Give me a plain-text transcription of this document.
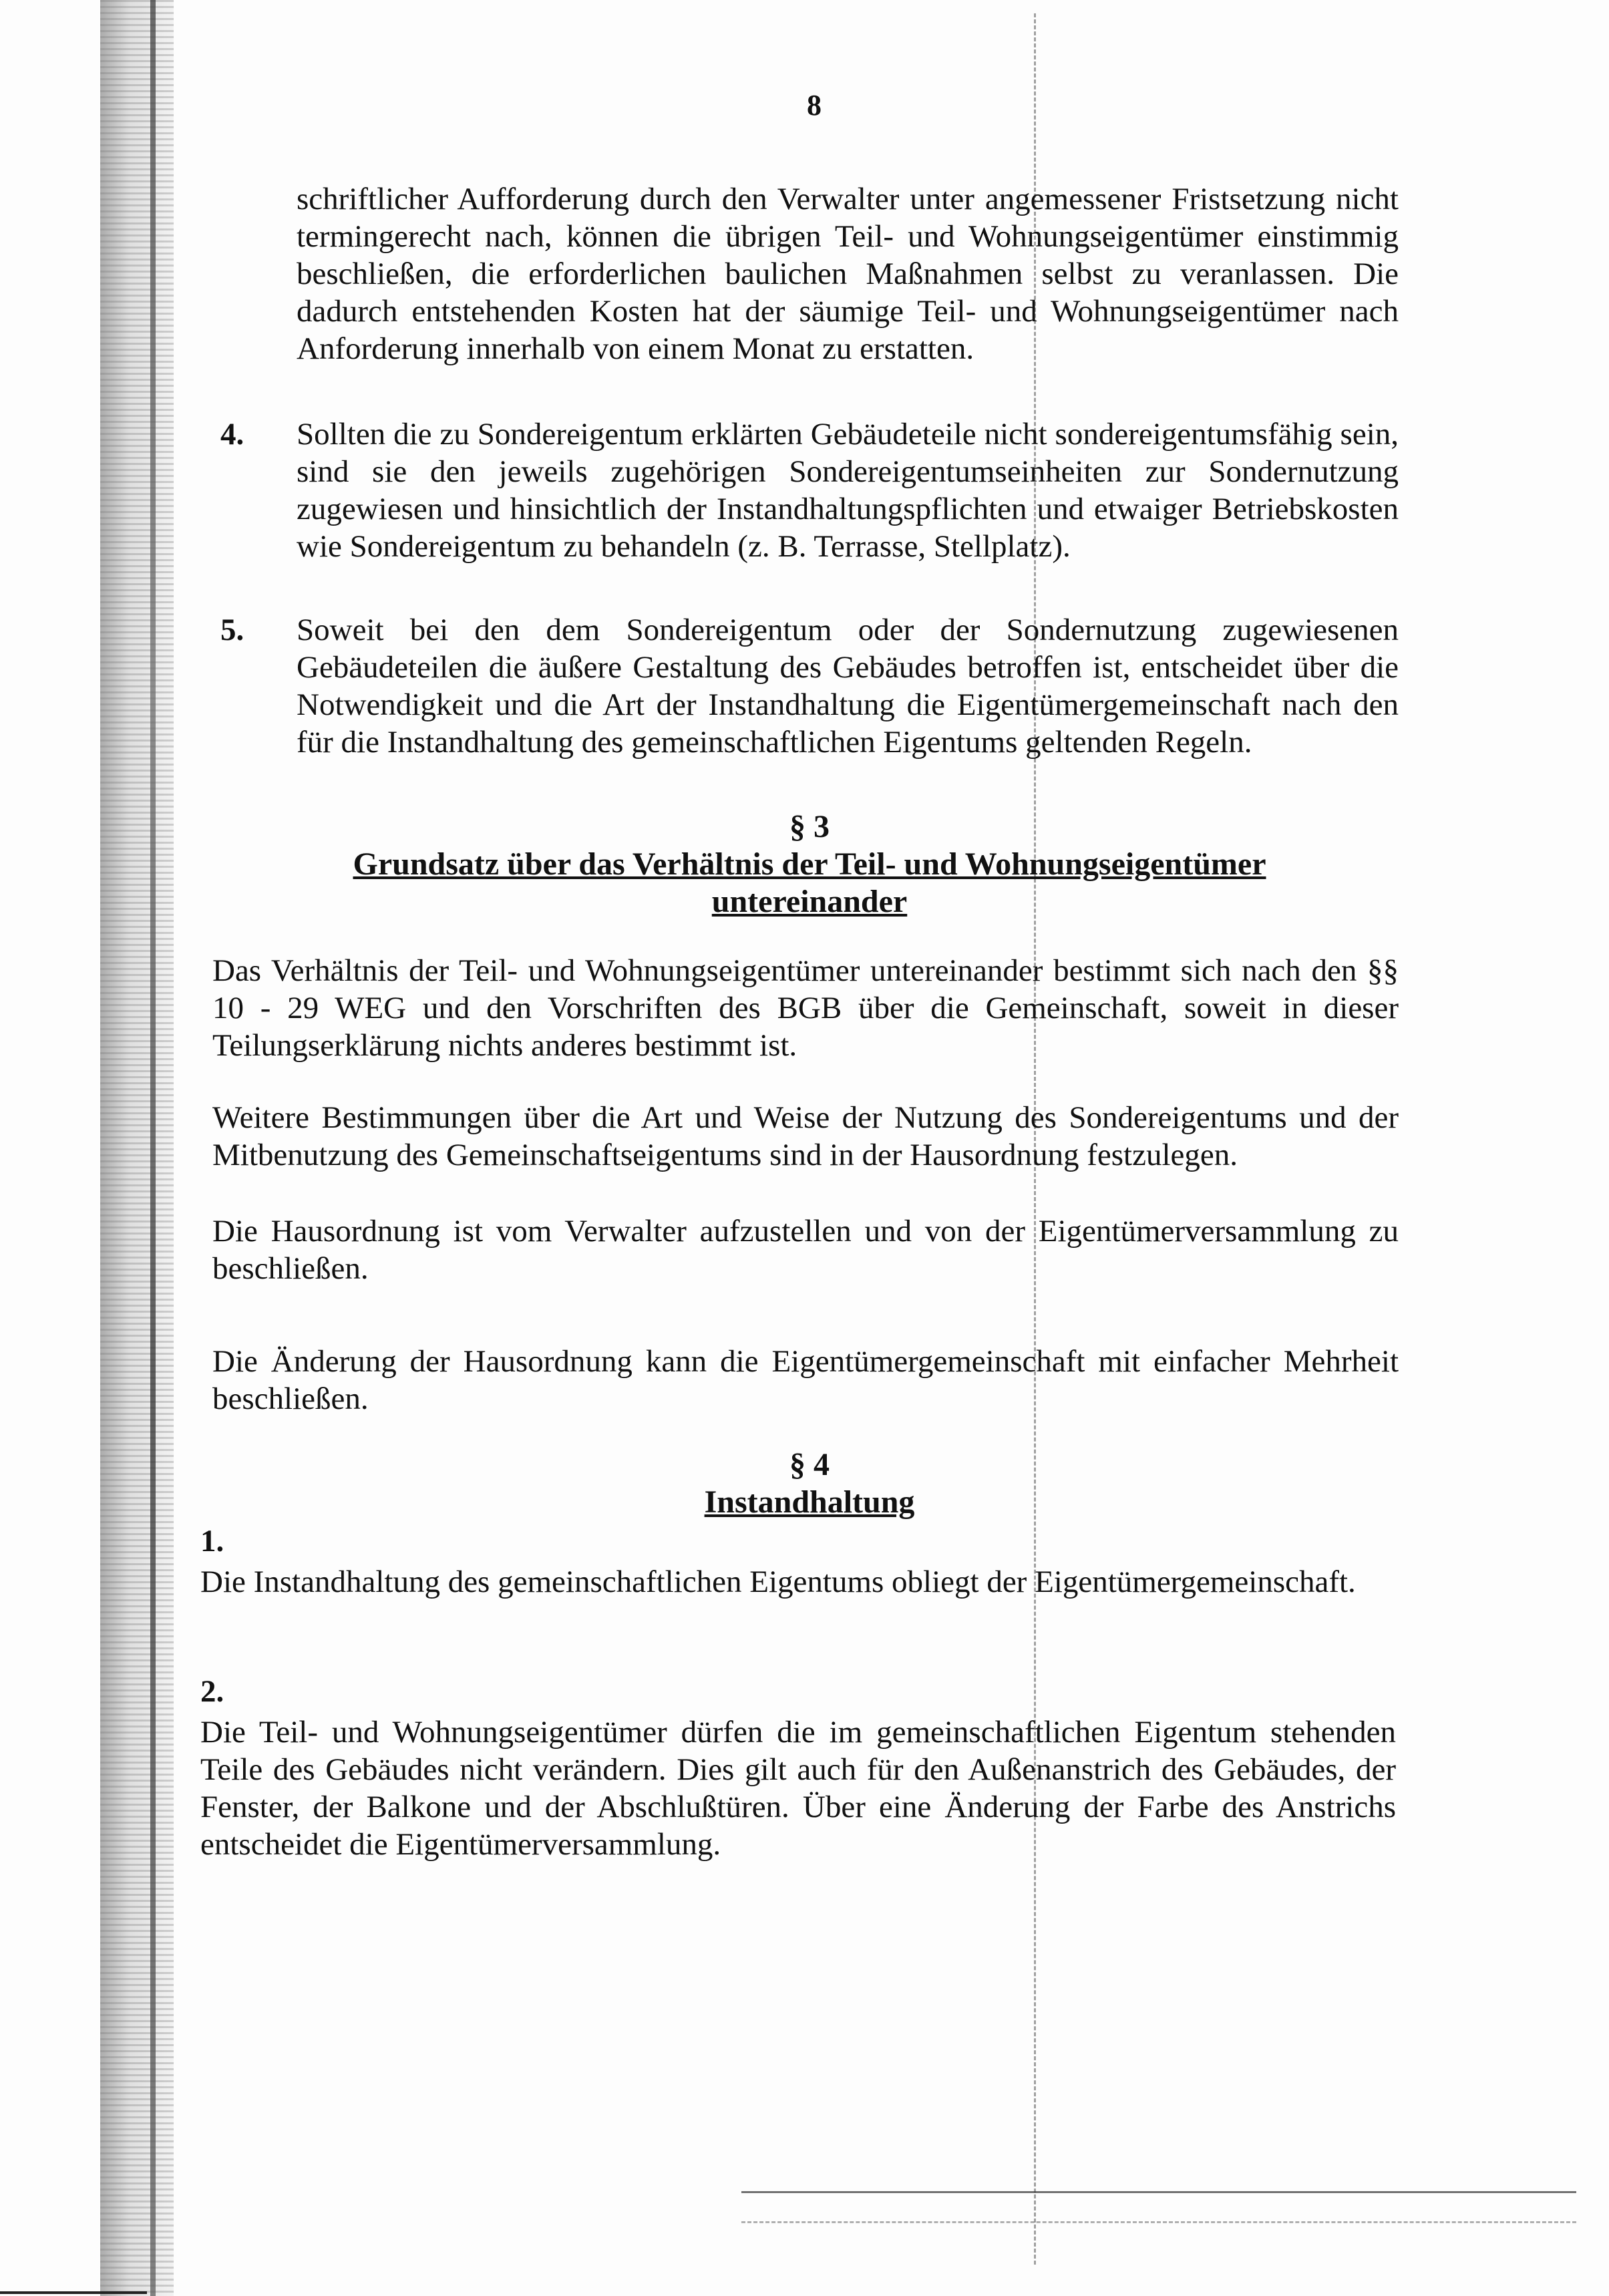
8

schriftlicher Aufforderung durch den Verwalter unter angemessener Fristsetzung nicht termingerecht nach, können die übrigen Teil- und Wohnungseigentümer einstimmig beschließen, die erforderlichen baulichen Maßnahmen selbst zu veranlassen. Die dadurch entstehenden Kosten hat der säumige Teil- und Wohnungseigentümer nach Anforderung innerhalb von einem Monat zu erstatten.

4.	Sollten die zu Sondereigentum erklärten Gebäudeteile nicht sondereigentumsfähig sein, sind sie den jeweils zugehörigen Sondereigentumseinheiten zur Sondernutzung zugewiesen und hinsichtlich der Instandhaltungspflichten und etwaiger Betriebskosten wie Sondereigentum zu behandeln (z. B. Terrasse, Stellplatz).

5.	Soweit bei den dem Sondereigentum oder der Sondernutzung zugewiesenen Gebäudeteilen die äußere Gestaltung des Gebäudes betroffen ist, entscheidet über die Notwendigkeit und die Art der Instandhaltung die Eigentümergemeinschaft nach den für die Instandhaltung des gemeinschaftlichen Eigentums geltenden Regeln.

§ 3
Grundsatz über das Verhältnis der Teil- und Wohnungseigentümer
untereinander

Das Verhältnis der Teil- und Wohnungseigentümer untereinander bestimmt sich nach den §§ 10 - 29 WEG und den Vorschriften des BGB über die Gemeinschaft, soweit in dieser Teilungserklärung nichts anderes bestimmt ist.

Weitere Bestimmungen über die Art und Weise der Nutzung des Sondereigentums und der Mitbenutzung des Gemeinschaftseigentums sind in der Hausordnung festzulegen.

Die Hausordnung ist vom Verwalter aufzustellen und von der Eigentümerversammlung zu beschließen.

Die Änderung der Hausordnung kann die Eigentümergemeinschaft mit einfacher Mehrheit beschließen.

§ 4
Instandhaltung
1.

Die Instandhaltung des gemeinschaftlichen Eigentums obliegt der Eigentümergemeinschaft.

2.

Die Teil- und Wohnungseigentümer dürfen die im gemeinschaftlichen Eigentum stehenden Teile des Gebäudes nicht verändern. Dies gilt auch für den Außenanstrich des Gebäudes, der Fenster, der Balkone und der Abschlußtüren. Über eine Änderung der Farbe des Anstrichs entscheidet die Eigentümerversammlung.
